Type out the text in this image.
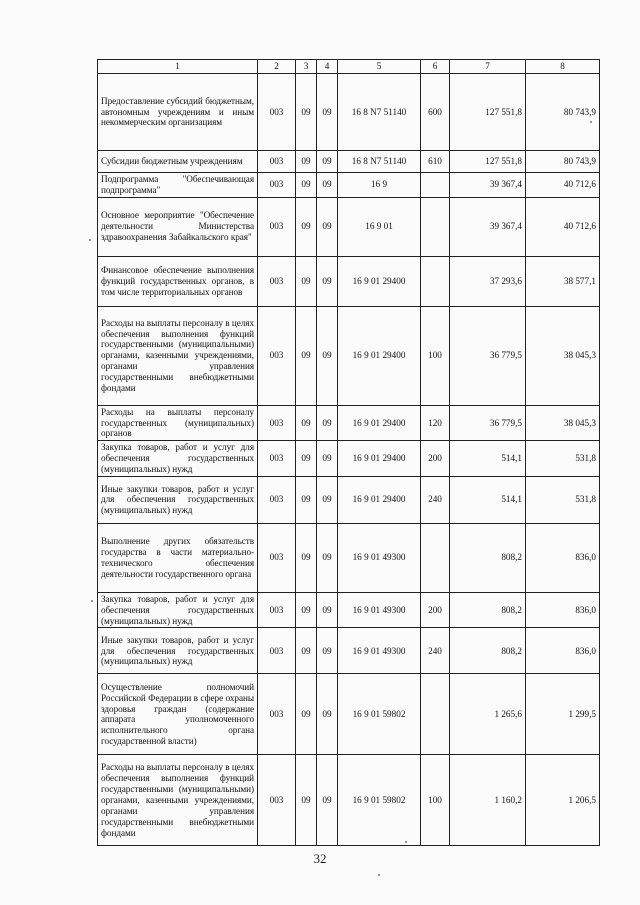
1	2	3	4	5	6	7	8
Предоставление субсидий бюджетным, автономным учреждениям и иным некоммерческим организациям	003	09	09	16 8 N7 51140	600	127 551,8	80 743,9
Субсидии бюджетным учреждениям	003	09	09	16 8 N7 51140	610	127 551,8	80 743,9
Подпрограмма "Обеспечивающая подпрограмма"	003	09	09	16 9		39 367,4	40 712,6
Основное мероприятие "Обеспечение деятельности Министерства здравоохранения Забайкальского края"	003	09	09	16 9 01		39 367,4	40 712,6
Финансовое обеспечение выполнения функций государственных органов, в том числе территориальных органов	003	09	09	16 9 01 29400		37 293,6	38 577,1
Расходы на выплаты персоналу в целях обеспечения выполнения функций государственными (муниципальными) органами, казенными учреждениями, органами управления государственными внебюджетными фондами	003	09	09	16 9 01 29400	100	36 779,5	38 045,3
Расходы на выплаты персоналу государственных (муниципальных) органов	003	09	09	16 9 01 29400	120	36 779,5	38 045,3
Закупка товаров, работ и услуг для обеспечения государственных (муниципальных) нужд	003	09	09	16 9 01 29400	200	514,1	531,8
Иные закупки товаров, работ и услуг для обеспечения государственных (муниципальных) нужд	003	09	09	16 9 01 29400	240	514,1	531,8
Выполнение других обязательств государства в части материально-технического обеспечения деятельности государственного органа	003	09	09	16 9 01 49300		808,2	836,0
Закупка товаров, работ и услуг для обеспечения государственных (муниципальных) нужд	003	09	09	16 9 01 49300	200	808,2	836,0
Иные закупки товаров, работ и услуг для обеспечения государственных (муниципальных) нужд	003	09	09	16 9 01 49300	240	808,2	836,0
Осуществление полномочий Российской Федерации в сфере охраны здоровья граждан (содержание аппарата уполномоченного исполнительного органа государственной власти)	003	09	09	16 9 01 59802		1 265,6	1 299,5
Расходы на выплаты персоналу в целях обеспечения выполнения функций государственными (муниципальными) органами, казенными учреждениями, органами управления государственными внебюджетными фондами	003	09	09	16 9 01 59802	100	1 160,2	1 206,5
32
